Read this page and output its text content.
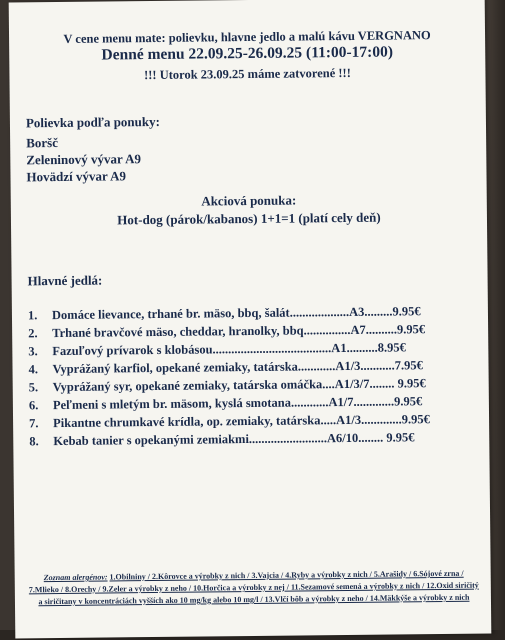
V cene menu mate: polievku, hlavne jedlo a malú kávu VERGNANO
Denné menu 22.09.25-26.09.25 (11:00-17:00)
!!! Utorok 23.09.25 máme zatvorené !!!
Polievka podľa ponuky:
Boršč
Zeleninový vývar A9
Hovädzí vývar A9
Akciová ponuka:
Hot-dog (párok/kabanos) 1+1=1 (platí cely deň)
Hlavné jedlá:
1. Domáce lievance, trhané br. mäso, bbq, šalát...................A3.........9.95€
2. Trhané bravčové mäso, cheddar, hranolky, bbq...............A7..........9.95€
3. Fazuľový prívarok s klobásou......................................A1..........8.95€
4. Vyprážaný karfiol, opekané zemiaky, tatárska............A1/3...........7.95€
5. Vyprážaný syr, opekané zemiaky, tatárska omáčka....A1/3/7........ 9.95€
6. Peľmeni s mletým br. mäsom, kyslá smotana............A1/7.............9.95€
7. Pikantne chrumkavé krídla, op. zemiaky, tatárska.....A1/3.............9.95€
8. Kebab tanier s opekanými zemiakmi.........................A6/10........ 9.95€
Zoznam alergénov: 1.Obilniny / 2.Kôrovce a výrobky z nich / 3.Vajcia / 4.Ryby a výrobky z nich / 5.Arašidy / 6.Sójové zrna / 7.Mlieko / 8.Orechy / 9.Zeler a výrobky z neho / 10.Horčica a výrobky z nej / 11.Sezamové semená a výrobky z nich / 12.Oxid siričitý a siričitany v koncentráciách vyšších ako 10 mg/kg alebo 10 mg/l / 13.Vlčí bôb a výrobky z neho / 14.Mäkkýše a výrobky z nich
